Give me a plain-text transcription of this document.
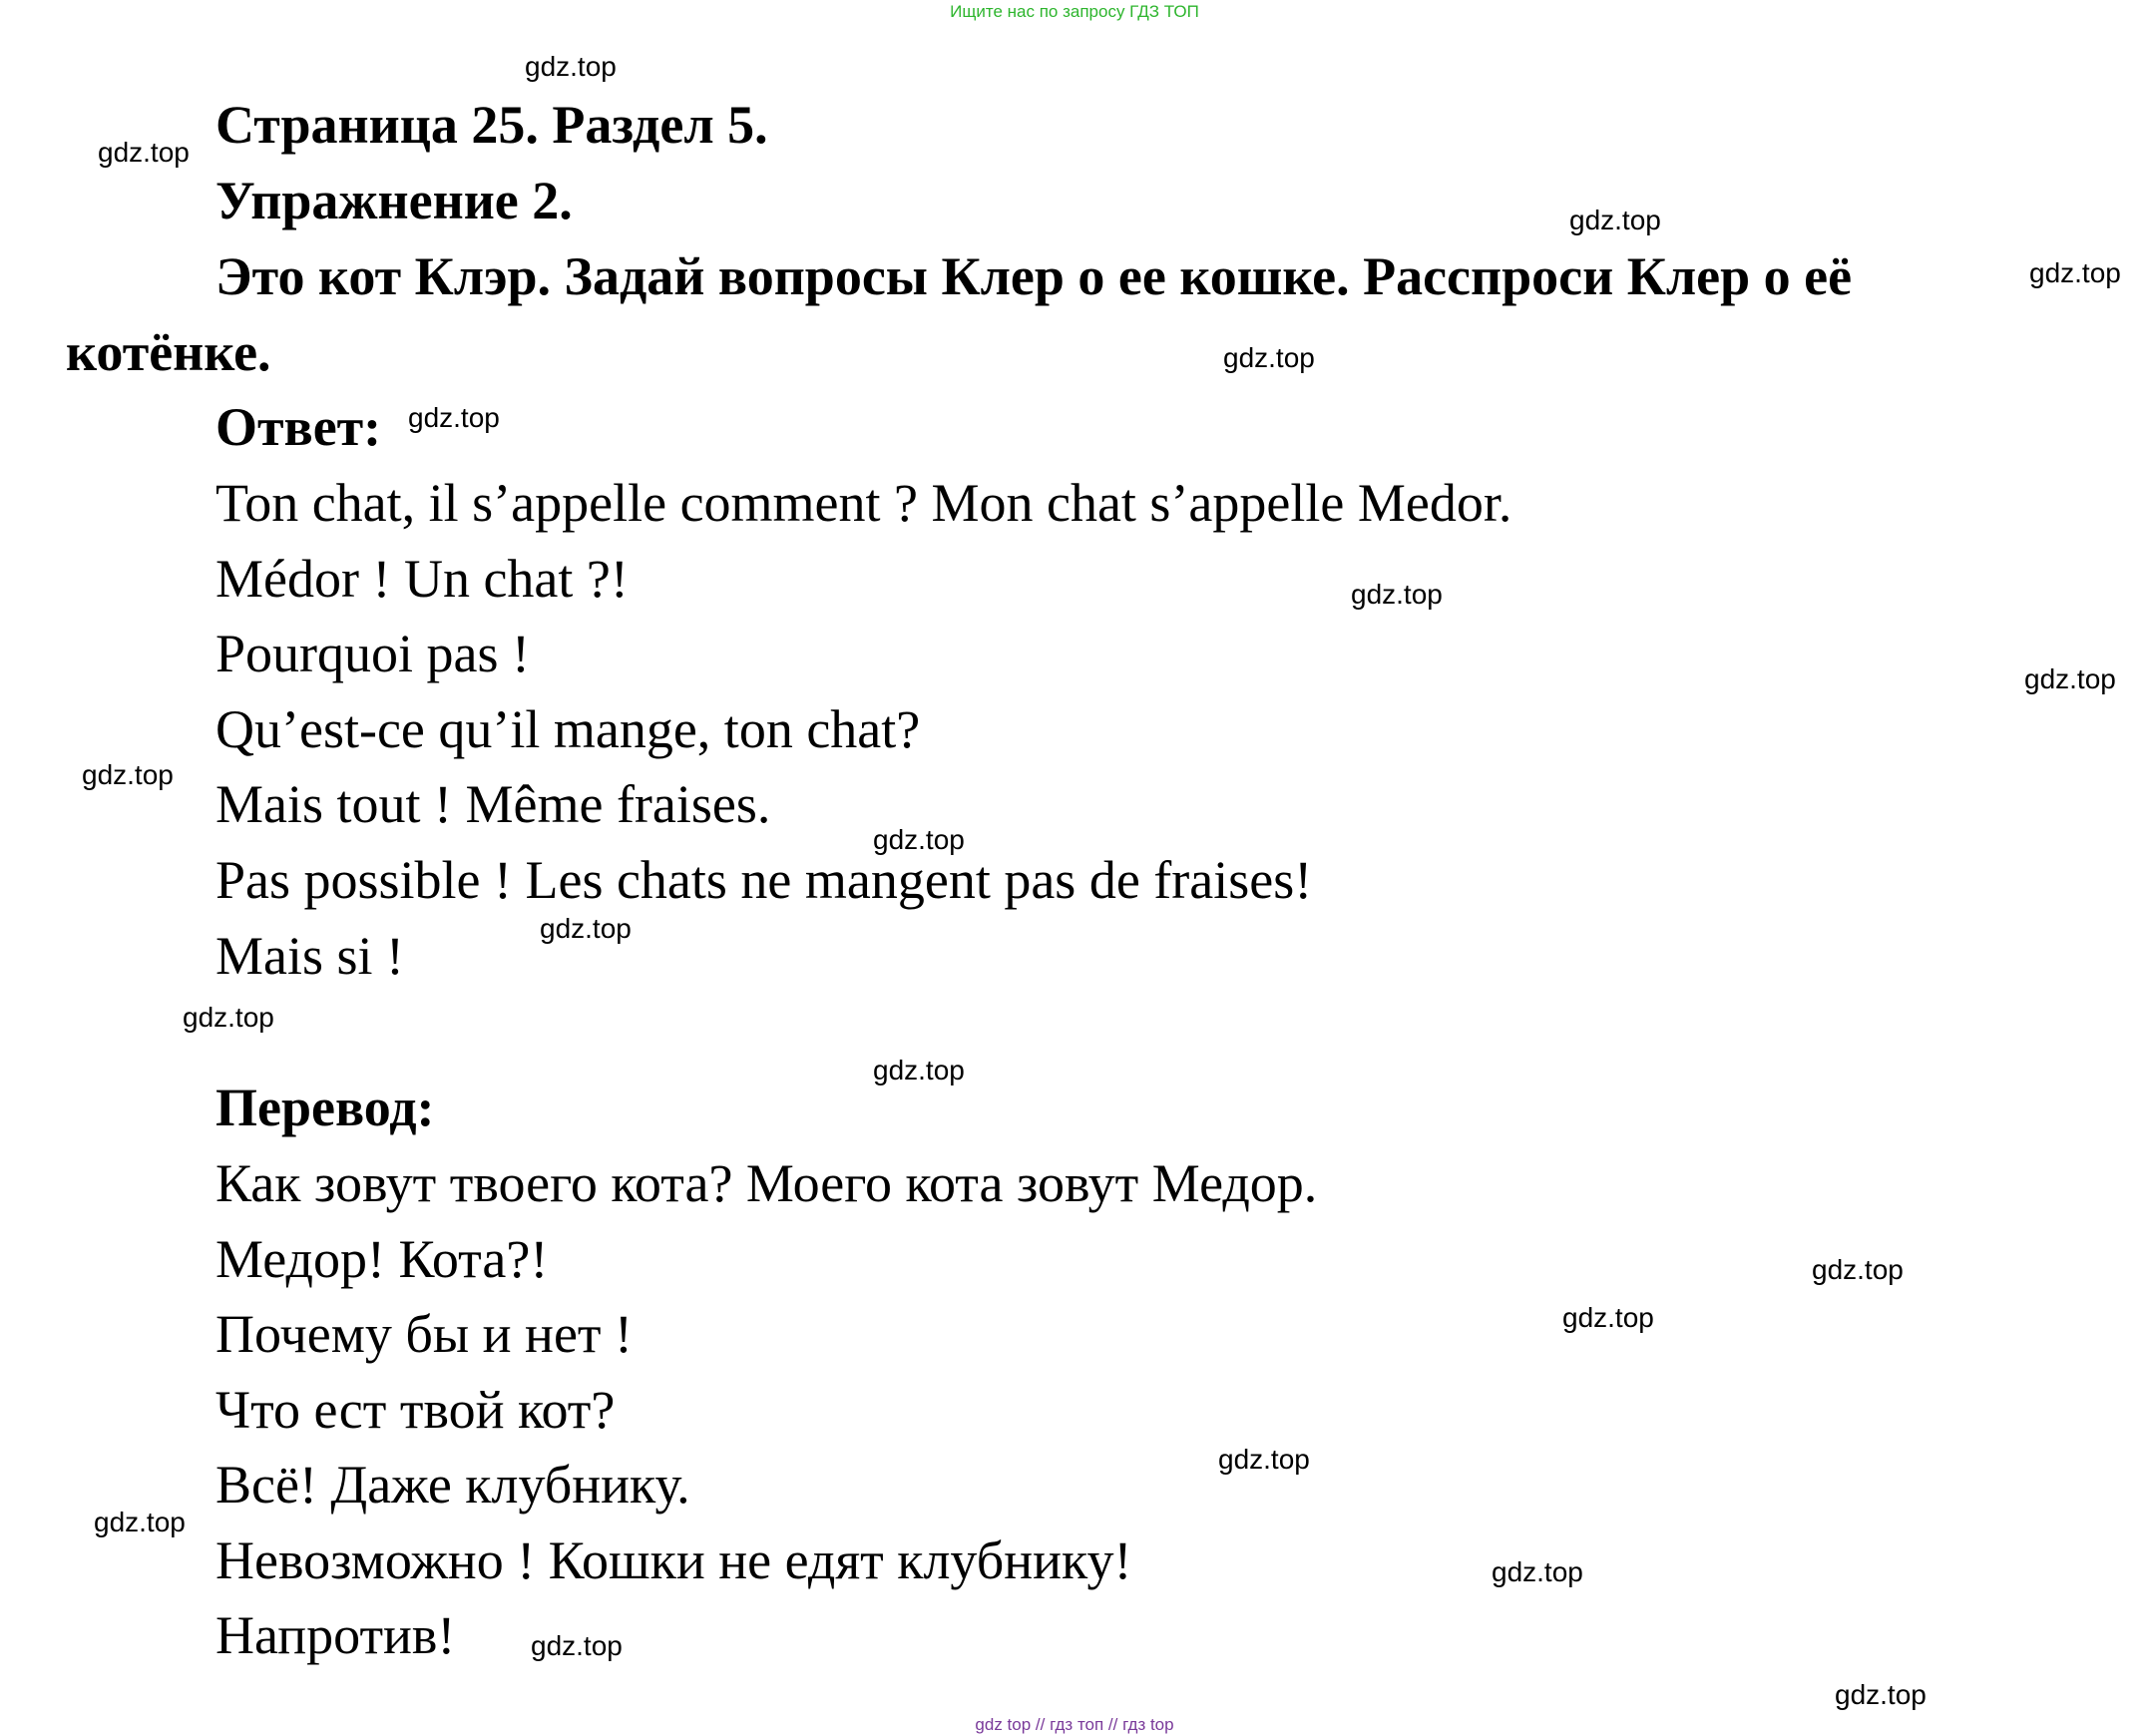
Ищите нас по запросу ГДЗ ТОП
Страница 25. Раздел 5.
Упражнение 2.
Это кот Клэр. Задай вопросы Клер о ее кошке. Расспроси Клер о её
котёнке.
Ответ:
Ton chat, il s’appelle comment ? Mon chat s’appelle Medor.
Médor ! Un chat ?!
Pourquoi pas !
Qu’est-ce qu’il mange, ton chat?
Mais tout ! Même fraises.
Pas possible ! Les chats ne mangent pas de fraises!
Mais si !
Перевод:
Как зовут твоего кота? Моего кота зовут Медор.
Медор! Кота?!
Почему бы и нет !
Что ест твой кот?
Всё! Даже клубнику.
Невозможно ! Кошки не едят клубнику!
Напротив!
gdz.top
gdz.top
gdz.top
gdz.top
gdz.top
gdz.top
gdz.top
gdz.top
gdz.top
gdz.top
gdz.top
gdz.top
gdz.top
gdz.top
gdz.top
gdz.top
gdz.top
gdz.top
gdz.top
gdz.top
gdz top // гдз топ // гдз top
